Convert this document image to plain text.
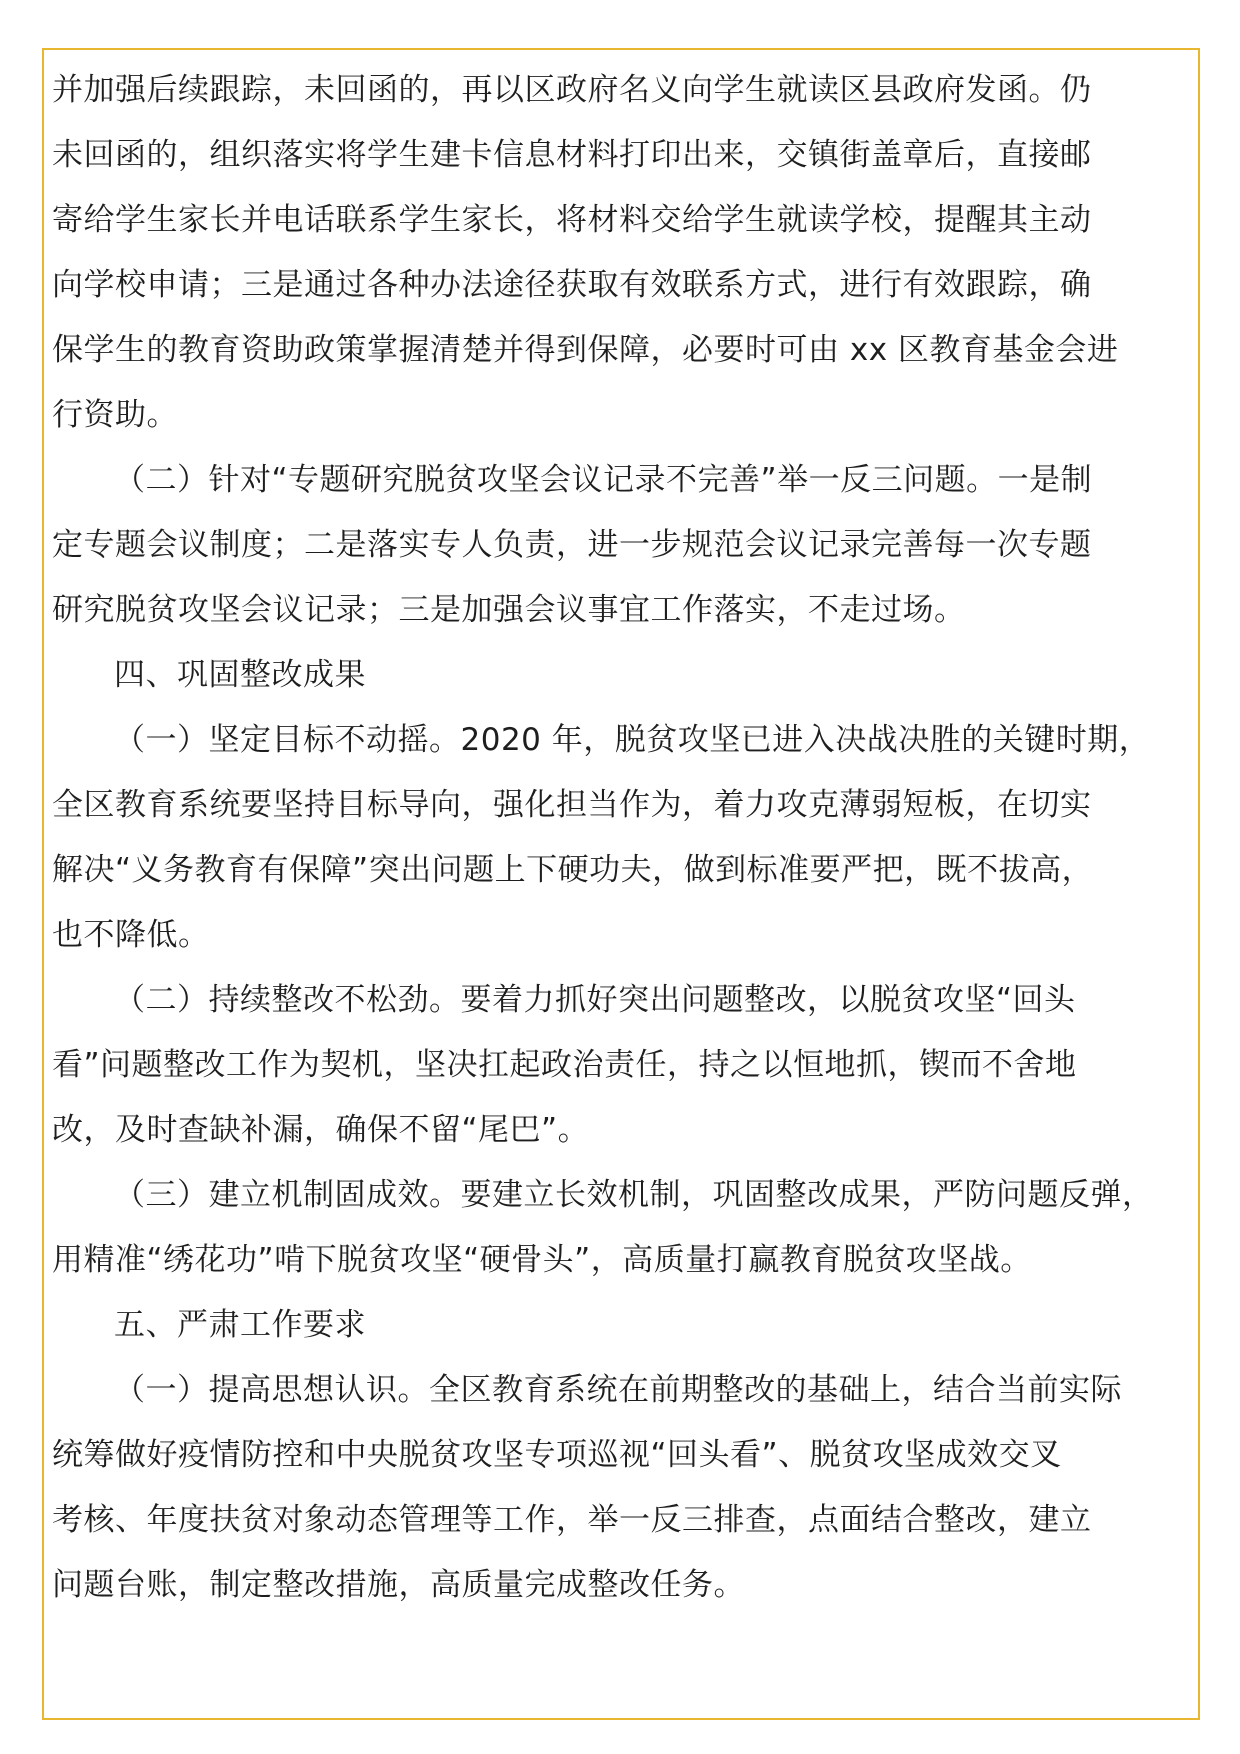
并加强后续跟踪，未回函的，再以区政府名义向学生就读区县政府发函。仍
未回函的，组织落实将学生建卡信息材料打印出来，交镇街盖章后，直接邮
寄给学生家长并电话联系学生家长，将材料交给学生就读学校，提醒其主动
向学校申请；三是通过各种办法途径获取有效联系方式，进行有效跟踪，确
保学生的教育资助政策掌握清楚并得到保障，必要时可由 xx 区教育基金会进
行资助。
（二）针对“专题研究脱贫攻坚会议记录不完善”举一反三问题。一是制
定专题会议制度；二是落实专人负责，进一步规范会议记录完善每一次专题
研究脱贫攻坚会议记录；三是加强会议事宜工作落实，不走过场。
四、巩固整改成果
（一）坚定目标不动摇。2020 年，脱贫攻坚已进入决战决胜的关键时期，
全区教育系统要坚持目标导向，强化担当作为，着力攻克薄弱短板，在切实
解决“义务教育有保障”突出问题上下硬功夫，做到标准要严把，既不拔高，
也不降低。
（二）持续整改不松劲。要着力抓好突出问题整改，以脱贫攻坚“回头
看”问题整改工作为契机，坚决扛起政治责任，持之以恒地抓，锲而不舍地
改，及时查缺补漏，确保不留“尾巴”。
（三）建立机制固成效。要建立长效机制，巩固整改成果，严防问题反弹，
用精准“绣花功”啃下脱贫攻坚“硬骨头”，高质量打赢教育脱贫攻坚战。
五、严肃工作要求
（一）提高思想认识。全区教育系统在前期整改的基础上，结合当前实际
统筹做好疫情防控和中央脱贫攻坚专项巡视“回头看”、脱贫攻坚成效交叉
考核、年度扶贫对象动态管理等工作，举一反三排查，点面结合整改，建立
问题台账，制定整改措施，高质量完成整改任务。
